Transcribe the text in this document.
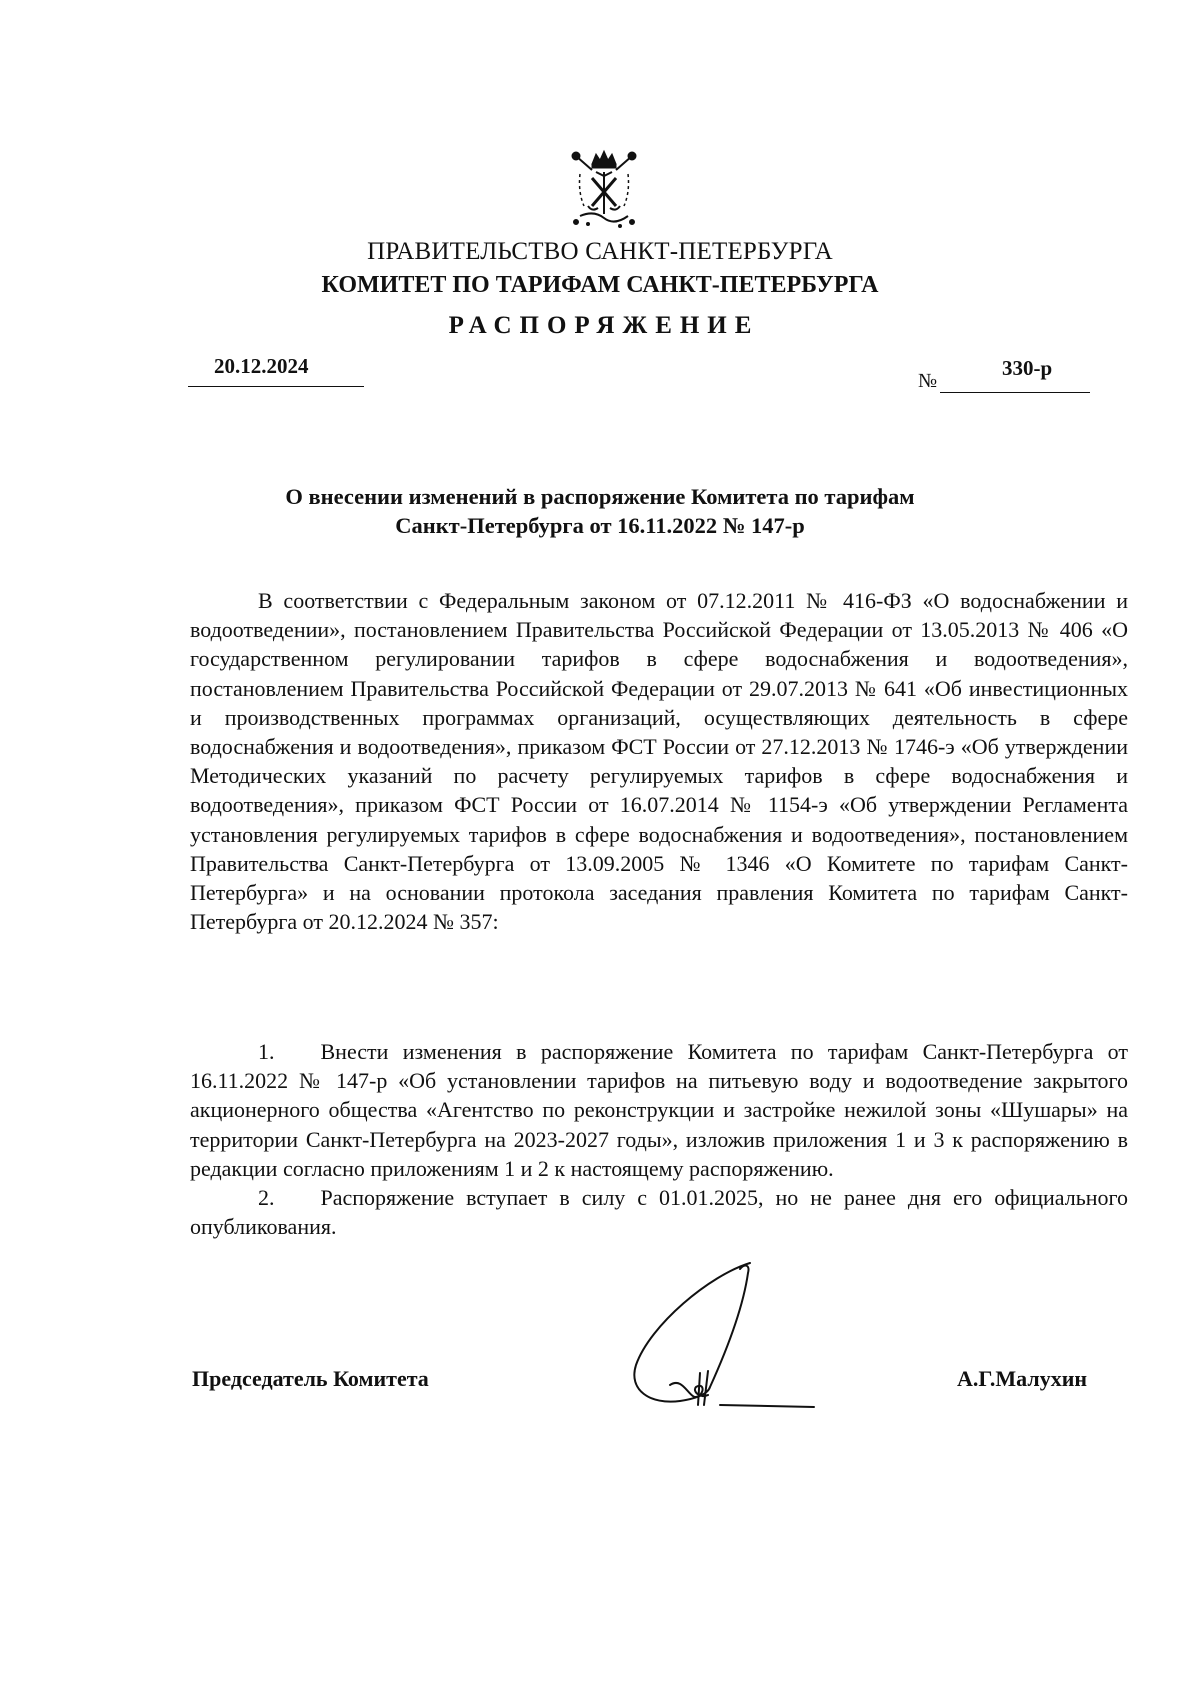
ПРАВИТЕЛЬСТВО САНКТ-ПЕТЕРБУРГА
КОМИТЕТ ПО ТАРИФАМ САНКТ-ПЕТЕРБУРГА
РАСПОРЯЖЕНИЕ
20.12.2024
№
330-р
О внесении изменений в распоряжение Комитета по тарифам
Санкт-Петербурга от 16.11.2022 № 147-р

В соответствии с Федеральным законом от 07.12.2011 № 416-ФЗ «О водоснабжении и водоотведении», постановлением Правительства Российской Федерации от 13.05.2013 № 406 «О государственном регулировании тарифов в сфере водоснабжения и водоотведения», постановлением Правительства Российской Федерации от 29.07.2013 № 641 «Об инвестиционных и производственных программах организаций, осуществляющих деятельность в сфере водоснабжения и водоотведения», приказом ФСТ России от 27.12.2013 № 1746-э «Об утверждении Методических указаний по расчету регулируемых тарифов в сфере водоснабжения и водоотведения», приказом ФСТ России от 16.07.2014 № 1154-э «Об утверждении Регламента установления регулируемых тарифов в сфере водоснабжения и водоотведения», постановлением Правительства Санкт-Петербурга от 13.09.2005 № 1346 «О Комитете по тарифам Санкт-Петербурга» и на основании протокола заседания правления Комитета по тарифам Санкт-Петербурга от 20.12.2024 № 357:

1. Внести изменения в распоряжение Комитета по тарифам Санкт-Петербурга от 16.11.2022 № 147-р «Об установлении тарифов на питьевую воду и водоотведение закрытого акционерного общества «Агентство по реконструкции и застройке нежилой зоны «Шушары» на территории Санкт-Петербурга на 2023-2027 годы», изложив приложения 1 и 3 к распоряжению в редакции согласно приложениям 1 и 2 к настоящему распоряжению.

2. Распоряжение вступает в силу с 01.01.2025, но не ранее дня его официального опубликования.

Председатель Комитета	А.Г.Малухин
